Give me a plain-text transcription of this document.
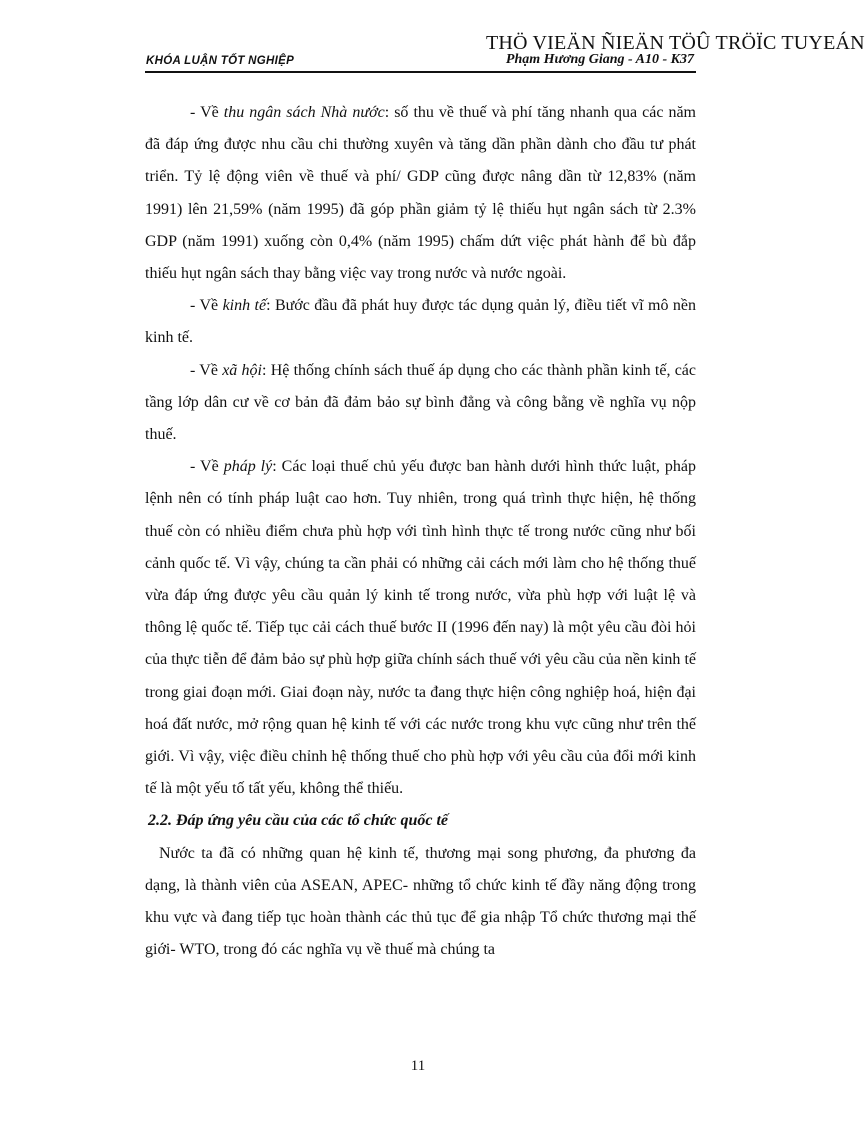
THÖ VIEÄN ÑIEÄN TÖÛ TRÖÏC TUYEÁN
KHÓA LUẬN TỐT NGHIỆP	Phạm Hương Giang - A10 - K37

- Về thu ngân sách Nhà nước: số thu về thuế và phí tăng nhanh qua các năm đã đáp ứng được nhu cầu chi thường xuyên và tăng dần phần dành cho đầu tư phát triển. Tỷ lệ động viên về thuế và phí/ GDP cũng được nâng dần từ 12,83% (năm 1991) lên 21,59% (năm 1995) đã góp phần giảm tỷ lệ thiếu hụt ngân sách từ 2.3% GDP (năm 1991) xuống còn 0,4% (năm 1995) chấm dứt việc phát hành để bù đắp thiếu hụt ngân sách thay bằng việc vay trong nước và nước ngoài.

- Về kinh tế: Bước đầu đã phát huy được tác dụng quản lý, điều tiết vĩ mô nền kinh tế.

- Về xã hội: Hệ thống chính sách thuế áp dụng cho các thành phần kinh tế, các tầng lớp dân cư về cơ bản đã đảm bảo sự bình đẳng và công bằng về nghĩa vụ nộp thuế.

- Về pháp lý: Các loại thuế chủ yếu được ban hành dưới hình thức luật, pháp lệnh nên có tính pháp luật cao hơn. Tuy nhiên, trong quá trình thực hiện, hệ thống thuế còn có nhiều điểm chưa phù hợp với tình hình thực tế trong nước cũng như bối cảnh quốc tế. Vì vậy, chúng ta cần phải có những cải cách mới làm cho hệ thống thuế vừa đáp ứng được yêu cầu quản lý kinh tế trong nước, vừa phù hợp với luật lệ và thông lệ quốc tế. Tiếp tục cải cách thuế bước II (1996 đến nay) là một yêu cầu đòi hỏi của thực tiễn để đảm bảo sự phù hợp giữa chính sách thuế với yêu cầu của nền kinh tế trong giai đoạn mới. Giai đoạn này, nước ta đang thực hiện công nghiệp hoá, hiện đại hoá đất nước, mở rộng quan hệ kinh tế với các nước trong khu vực cũng như trên thế giới. Vì vậy, việc điều chỉnh hệ thống thuế cho phù hợp với yêu cầu của đổi mới kinh tế là một yếu tố tất yếu, không thể thiếu.

2.2. Đáp ứng yêu cầu của các tổ chức quốc tế

Nước ta đã có những quan hệ kinh tế, thương mại song phương, đa phương đa dạng, là thành viên của ASEAN, APEC- những tổ chức kinh tế đầy năng động trong khu vực và đang tiếp tục hoàn thành các thủ tục để gia nhập Tổ chức thương mại thế giới- WTO, trong đó các nghĩa vụ về thuế mà chúng ta

11
